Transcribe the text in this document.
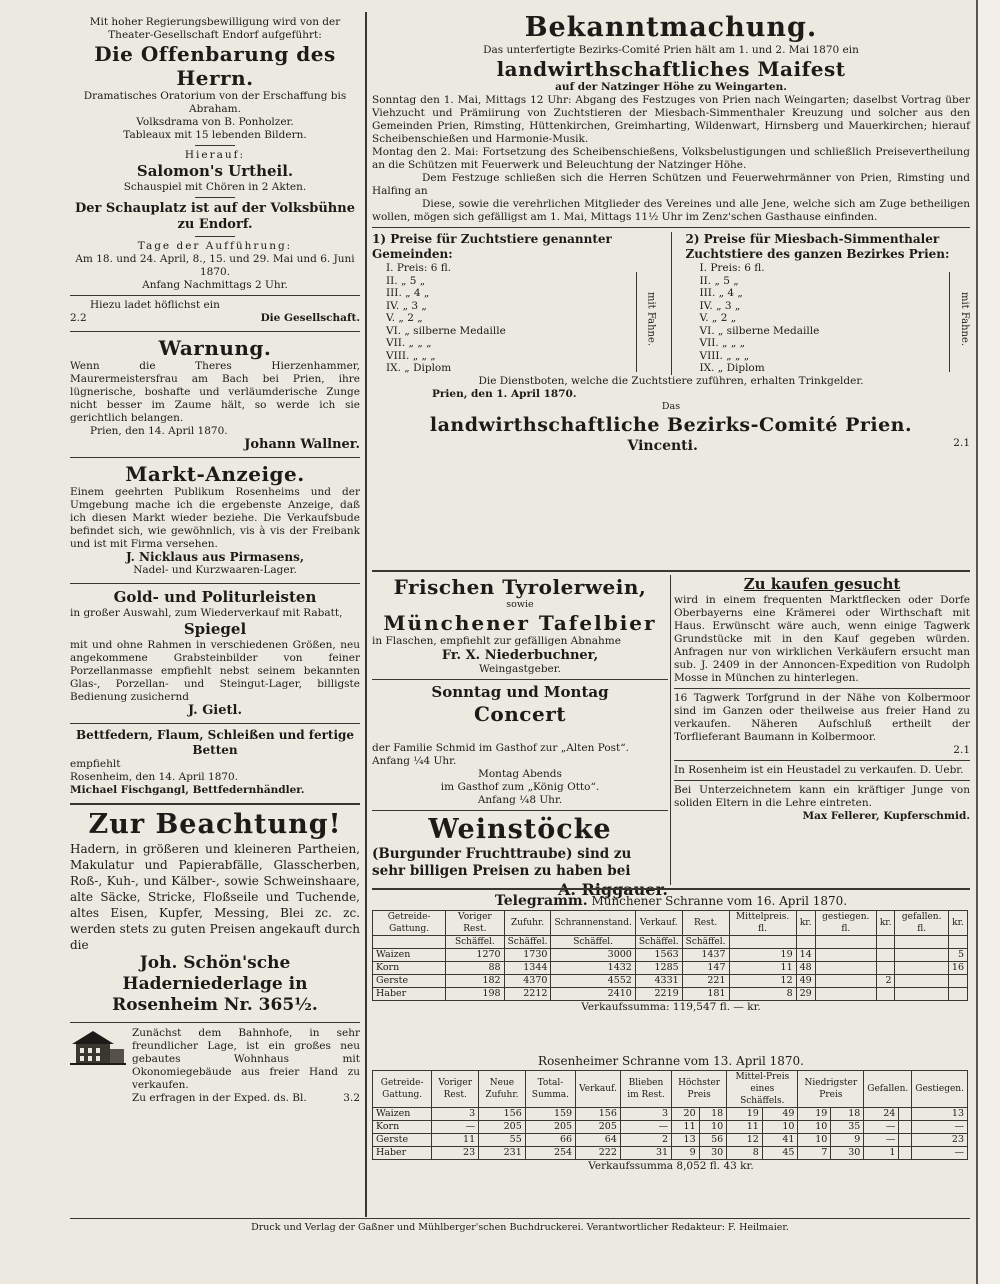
Mit hoher Regierungsbewilligung wird von der Theater-Gesellschaft Endorf aufgeführt:

Die Offenbarung des Herrn.

Dramatisches Oratorium von der Erschaffung bis Abraham.

Volksdrama von B. Ponholzer.

Tableaux mit 15 lebenden Bildern.

Hierauf:

Salomon's Urtheil.

Schauspiel mit Chören in 2 Akten.

Der Schauplatz ist auf der Volksbühne zu Endorf.

Tage der Aufführung:

Am 18. und 24. April, 8., 15. und 29. Mai und 6. Juni 1870.

Anfang Nachmittags 2 Uhr.

Hiezu ladet höflichst ein

2.2	Die Gesellschaft.

Warnung.

Wenn die Theres Hierzenhammer, Maurermeistersfrau am Bach bei Prien, ihre lügnerische, boshafte und verläumderische Zunge nicht besser im Zaume hält, so werde ich sie gerichtlich belangen.

Prien, den 14. April 1870.

Johann Wallner.

Markt-Anzeige.

Einem geehrten Publikum Rosenheims und der Umgebung mache ich die ergebenste Anzeige, daß ich diesen Markt wieder beziehe. Die Verkaufsbude befindet sich, wie gewöhnlich, vis à vis der Freibank und ist mit Firma versehen.

J. Nicklaus aus Pirmasens,

Nadel- und Kurzwaaren-Lager.

Gold- und Politurleisten

in großer Auswahl, zum Wiederverkauf mit Rabatt,

Spiegel

mit und ohne Rahmen in verschiedenen Größen, neu angekommene Grabsteinbilder von feiner Porzellanmasse empfiehlt nebst seinem bekannten Glas-, Porzellan- und Steingut-Lager, billigste Bedienung zusichernd

J. Gietl.

Bettfedern, Flaum, Schleißen und fertige Betten

empfiehlt

Rosenheim, den 14. April 1870.

Michael Fischgangl, Bettfedernhändler.

Zur Beachtung!

Hadern, in größeren und kleineren Partheien, Makulatur und Papierabfälle, Glasscherben, Roß-, Kuh-, und Kälber-, sowie Schweinshaare, alte Säcke, Stricke, Floßseile und Tuchende, altes Eisen, Kupfer, Messing, Blei zc. zc. werden stets zu guten Preisen angekauft durch die

Joh. Schön'sche Haderniederlage in Rosenheim Nr. 365½.

Zunächst dem Bahnhofe, in sehr freundlicher Lage, ist ein großes neu gebautes Wohnhaus mit Okonomiegebäude aus freier Hand zu verkaufen.

Zu erfragen in der Exped. ds. Bl.	3.2

Bekanntmachung.

Das unterfertigte Bezirks-Comité Prien hält am 1. und 2. Mai 1870 ein

landwirthschaftliches Maifest

auf der Natzinger Höhe zu Weingarten.

Sonntag den 1. Mai, Mittags 12 Uhr: Abgang des Festzuges von Prien nach Weingarten; daselbst Vortrag über Viehzucht und Prämiirung von Zuchtstieren der Miesbach-Simmenthaler Kreuzung und solcher aus den Gemeinden Prien, Rimsting, Hüttenkirchen, Greimharting, Wildenwart, Hirnsberg und Mauerkirchen; hierauf Scheibenschießen und Harmonie-Musik.

Montag den 2. Mai: Fortsetzung des Scheibenschießens, Volksbelustigungen und schließlich Preisevertheilung an die Schützen mit Feuerwerk und Beleuchtung der Natzinger Höhe.

Dem Festzuge schließen sich die Herren Schützen und Feuerwehrmänner von Prien, Rimsting und Halfing an

Diese, sowie die verehrlichen Mitglieder des Vereines und alle Jene, welche sich am Zuge betheiligen wollen, mögen sich gefälligst am 1. Mai, Mittags 11½ Uhr im Zenz'schen Gasthause einfinden.

1) Preise für Zuchtstiere genannter Gemeinden:

I. Preis: 6 fl.
II. „ 5 „
III. „ 4 „
IV. „ 3 „
V. „ 2 „
VI. „ silberne Medaille
VII. „ „ „
VIII. „ „ „
IX. „ Diplom
mit Fahne.

2) Preise für Miesbach-Simmenthaler Zuchtstiere des ganzen Bezirkes Prien:

I. Preis: 6 fl.
II. „ 5 „
III. „ 4 „
IV. „ 3 „
V. „ 2 „
VI. „ silberne Medaille
VII. „ „ „
VIII. „ „ „
IX. „ Diplom
mit Fahne.

Die Dienstboten, welche die Zuchtstiere zuführen, erhalten Trinkgelder.

Prien, den 1. April 1870.

Das

landwirthschaftliche Bezirks-Comité Prien.

Vincenti.	2.1

Frischen Tyrolerwein,

sowie

Münchener Tafelbier

in Flaschen, empfiehlt zur gefälligen Abnahme

Fr. X. Niederbuchner,

Weingastgeber.

Sonntag und Montag

Concert

der Familie Schmid im Gasthof zur „Alten Post“. Anfang ¼4 Uhr.

Montag Abends

im Gasthof zum „König Otto“.

Anfang ¼8 Uhr.

Weinstöcke

(Burgunder Fruchttraube) sind zu sehr billigen Preisen zu haben bei

Zu kaufen gesucht

wird in einem frequenten Marktflecken oder Dorfe Oberbayerns eine Krämerei oder Wirthschaft mit Haus. Erwünscht wäre auch, wenn einige Tagwerk Grundstücke mit in den Kauf gegeben würden. Anfragen nur von wirklichen Verkäufern ersucht man sub. J. 2409 in der Annoncen-Expedition von Rudolph Mosse in München zu hinterlegen.

16 Tagwerk Torfgrund in der Nähe von Kolbermoor sind im Ganzen oder theilweise aus freier Hand zu verkaufen. Näheren Aufschluß ertheilt der Torflieferant Baumann in Kolbermoor.

2.1

In Rosenheim ist ein Heustadel zu verkaufen. D. Uebr.

Bei Unterzeichnetem kann ein kräftiger Junge von soliden Eltern in die Lehre eintreten.

Max Fellerer, Kupferschmid.

Telegramm. Münchener Schranne vom 16. April 1870.

Getreide-Gattung.	Voriger Rest.	Zufuhr.	Schrannenstand.	Verkauf.	Rest.	Mittelpreis. fl.	kr.	gestiegen. fl.	kr.	gefallen. fl.	kr.
	Schäffel.	Schäffel.	Schäffel.	Schäffel.	Schäffel.						
Waizen	1270	1730	3000	1563	1437	19	14				5
Korn	88	1344	1432	1285	147	11	48				16
Gerste	182	4370	4552	4331	221	12	49		2		
Haber	198	2212	2410	2219	181	8	29				

Verkaufssumma: 119,547 fl. — kr.

Rosenheimer Schranne vom 13. April 1870.

Getreide-Gattung.	Voriger Rest.	Neue Zufuhr.	Total-Summa.	Verkauf.	Blieben im Rest.	Höchster Preis		Mittel-Preis eines Schäffels.		Niedrigster Preis		Gefallen.		Gestiegen.
Waizen	3	156	159	156	3	20	18	19	49	19	18	24		13
Korn	—	205	205	205	—	11	10	11	10	10	35	—		—
Gerste	11	55	66	64	2	13	56	12	41	10	9	—		23
Haber	23	231	254	222	31	9	30	8	45	7	30	1		—

Verkaufssumma 8,052 fl. 43 kr.

Druck und Verlag der Gaßner und Mühlberger'schen Buchdruckerei. Verantwortlicher Redakteur: F. Heilmaier.
